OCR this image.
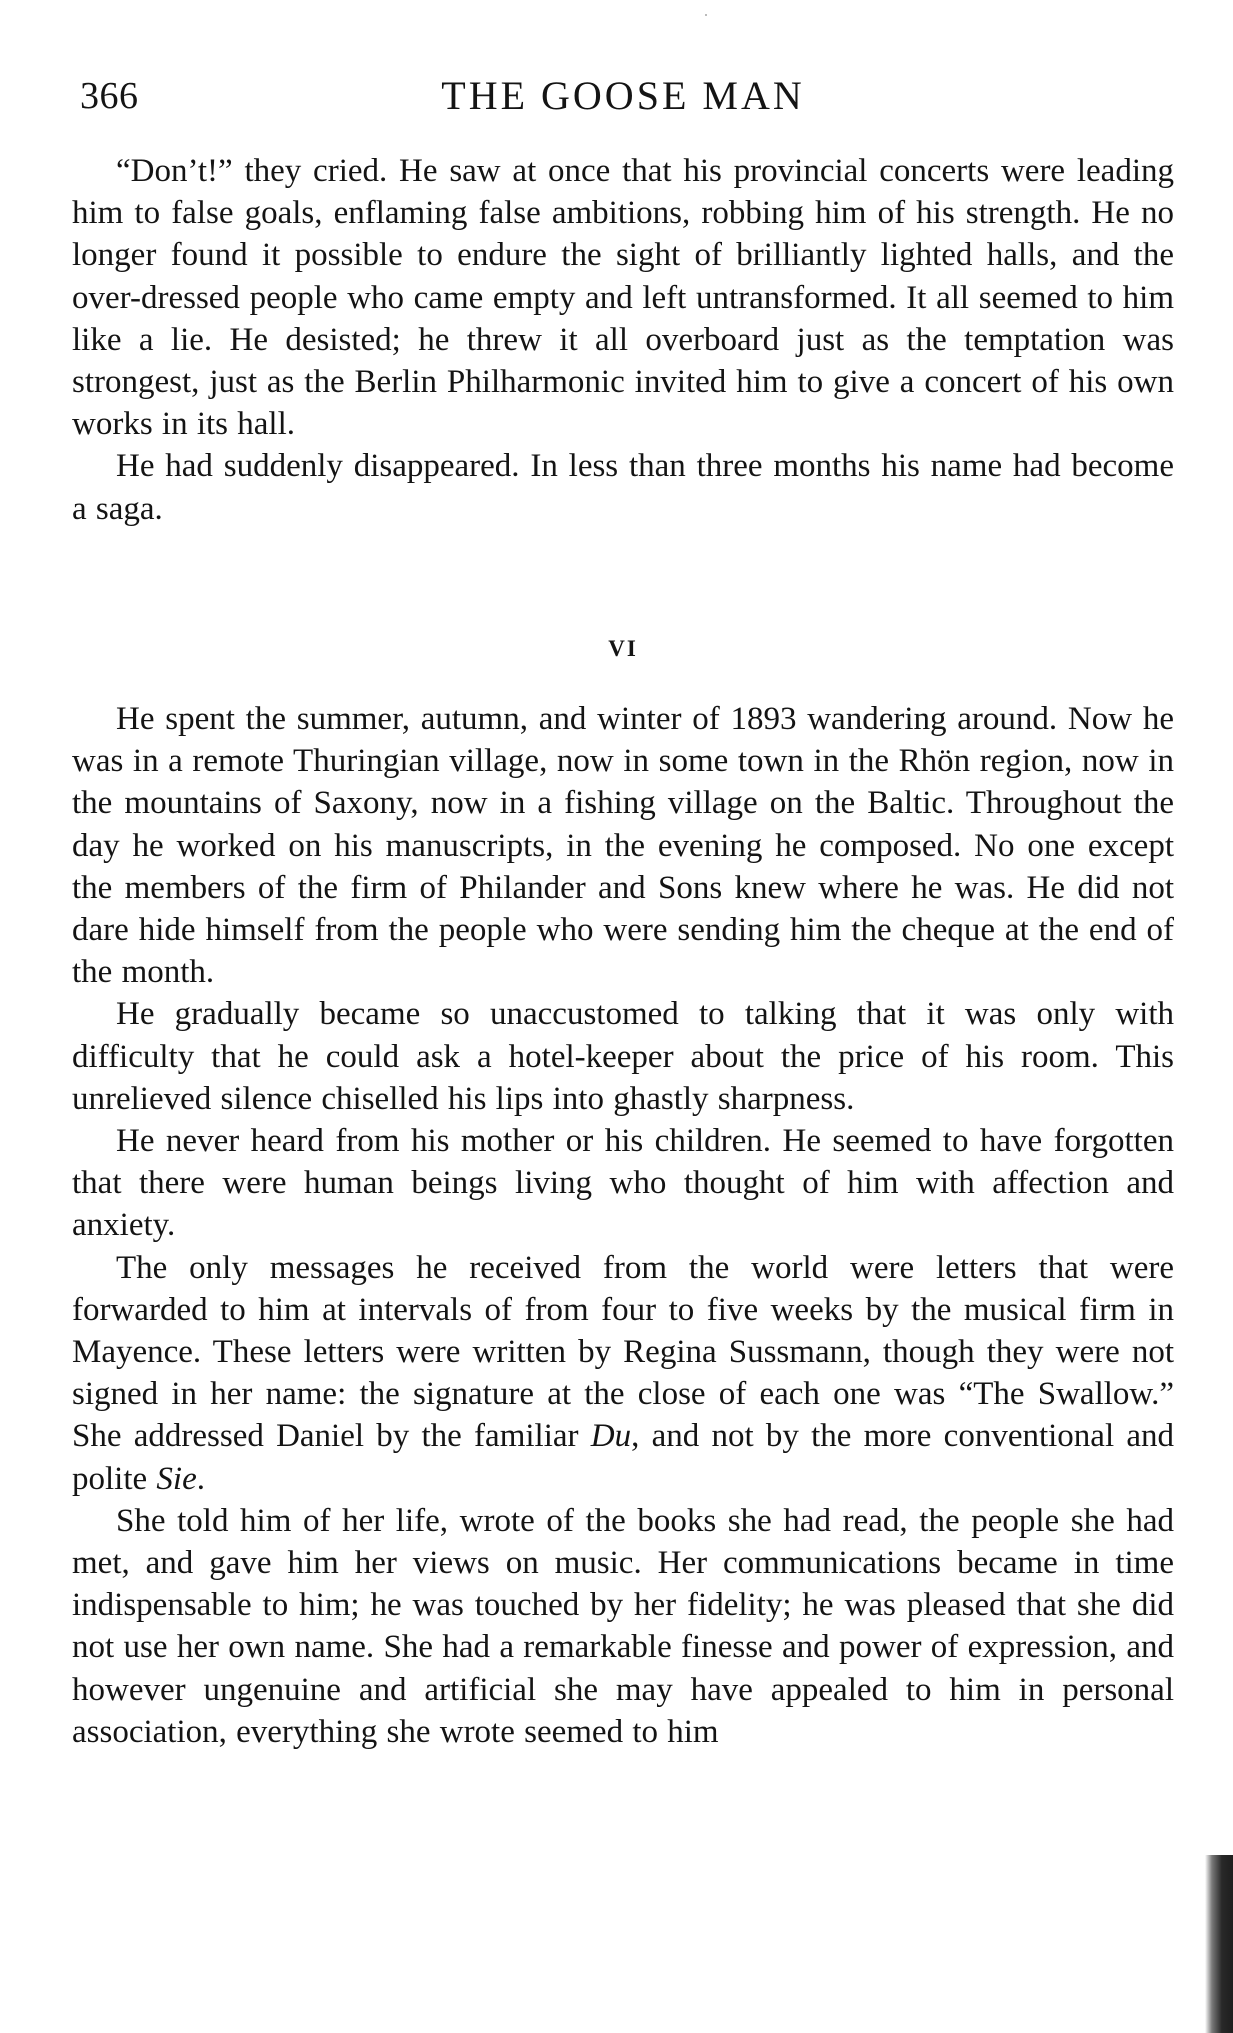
366	THE GOOSE MAN

“Don’t!” they cried. He saw at once that his provincial concerts were leading him to false goals, enflaming false ambitions, robbing him of his strength. He no longer found it possible to endure the sight of brilliantly lighted halls, and the over-dressed people who came empty and left untransformed. It all seemed to him like a lie. He desisted; he threw it all overboard just as the temptation was strongest, just as the Berlin Philharmonic invited him to give a concert of his own works in its hall.

He had suddenly disappeared. In less than three months his name had become a saga.

VI

He spent the summer, autumn, and winter of 1893 wandering around. Now he was in a remote Thuringian village, now in some town in the Rhön region, now in the mountains of Saxony, now in a fishing village on the Baltic. Throughout the day he worked on his manuscripts, in the evening he composed. No one except the members of the firm of Philander and Sons knew where he was. He did not dare hide himself from the people who were sending him the cheque at the end of the month.

He gradually became so unaccustomed to talking that it was only with difficulty that he could ask a hotel-keeper about the price of his room. This unrelieved silence chiselled his lips into ghastly sharpness.

He never heard from his mother or his children. He seemed to have forgotten that there were human beings living who thought of him with affection and anxiety.

The only messages he received from the world were letters that were forwarded to him at intervals of from four to five weeks by the musical firm in Mayence. These letters were written by Regina Sussmann, though they were not signed in her name: the signature at the close of each one was “The Swallow.” She addressed Daniel by the familiar Du, and not by the more conventional and polite Sie.

She told him of her life, wrote of the books she had read, the people she had met, and gave him her views on music. Her communications became in time indispensable to him; he was touched by her fidelity; he was pleased that she did not use her own name. She had a remarkable finesse and power of expression, and however ungenuine and artificial she may have appealed to him in personal association, everything she wrote seemed to him
